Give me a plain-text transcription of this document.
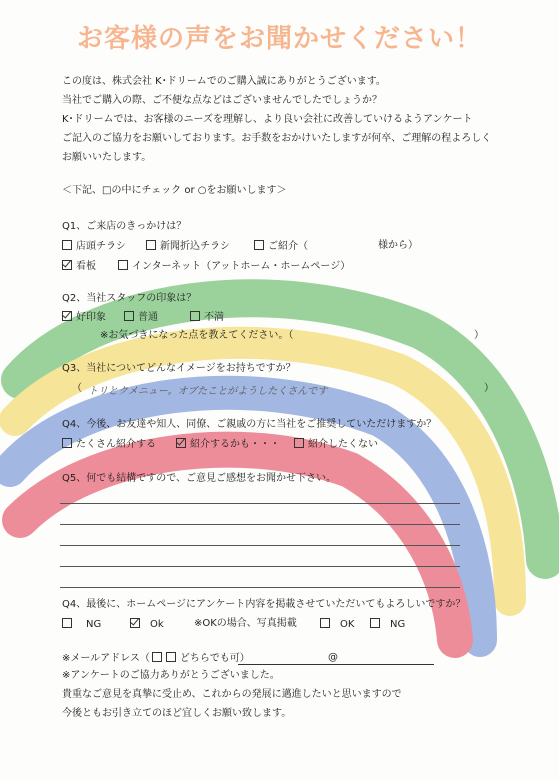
お客様の声をお聞かせください！
この度は、株式会社 K･ドリームでのご購入誠にありがとうございます。
当社でご購入の際、ご不便な点などはございませんでしたでしょうか？
K･ドリームでは、お客様のニーズを理解し、より良い会社に改善していけるようアンケート
ご記入のご協力をお願いしております。お手数をおかけいたしますが何卒、ご理解の程よろしく
お願いいたします。
＜下記、□の中にチェック or ○をお願いします＞
Q1、ご来店のきっかけは？
店頭チラシ	新聞折込チラシ	ご紹介（	様から）
看板	インターネット（アットホーム・ホームページ）
Q2、当社スタッフの印象は？
好印象	普通	不満
※お気づきになった点を教えてください。（	）
Q3、当社についてどんなイメージをお持ちですか？
（ トリとクメニュー。オブたことがようしたくさんです	）
Q4、今後、お友達や知人、同僚、ご親戚の方に当社をご推奨していただけますか？
たくさん紹介する	紹介するかも・・・	紹介したくない
Q5、何でも結構ですので、ご意見ご感想をお聞かせ下さい。
Q4、最後に、ホームページにアンケート内容を掲載させていただいてもよろしいですか？
NG	Ok	※OKの場合、写真掲載	OK	NG
※メールアドレス（	どちらでも可）	@
※アンケートのご協力ありがとうございました。
貴重なご意見を真摯に受止め、これからの発展に邁進したいと思いますので
今後ともお引き立てのほど宜しくお願い致します。
